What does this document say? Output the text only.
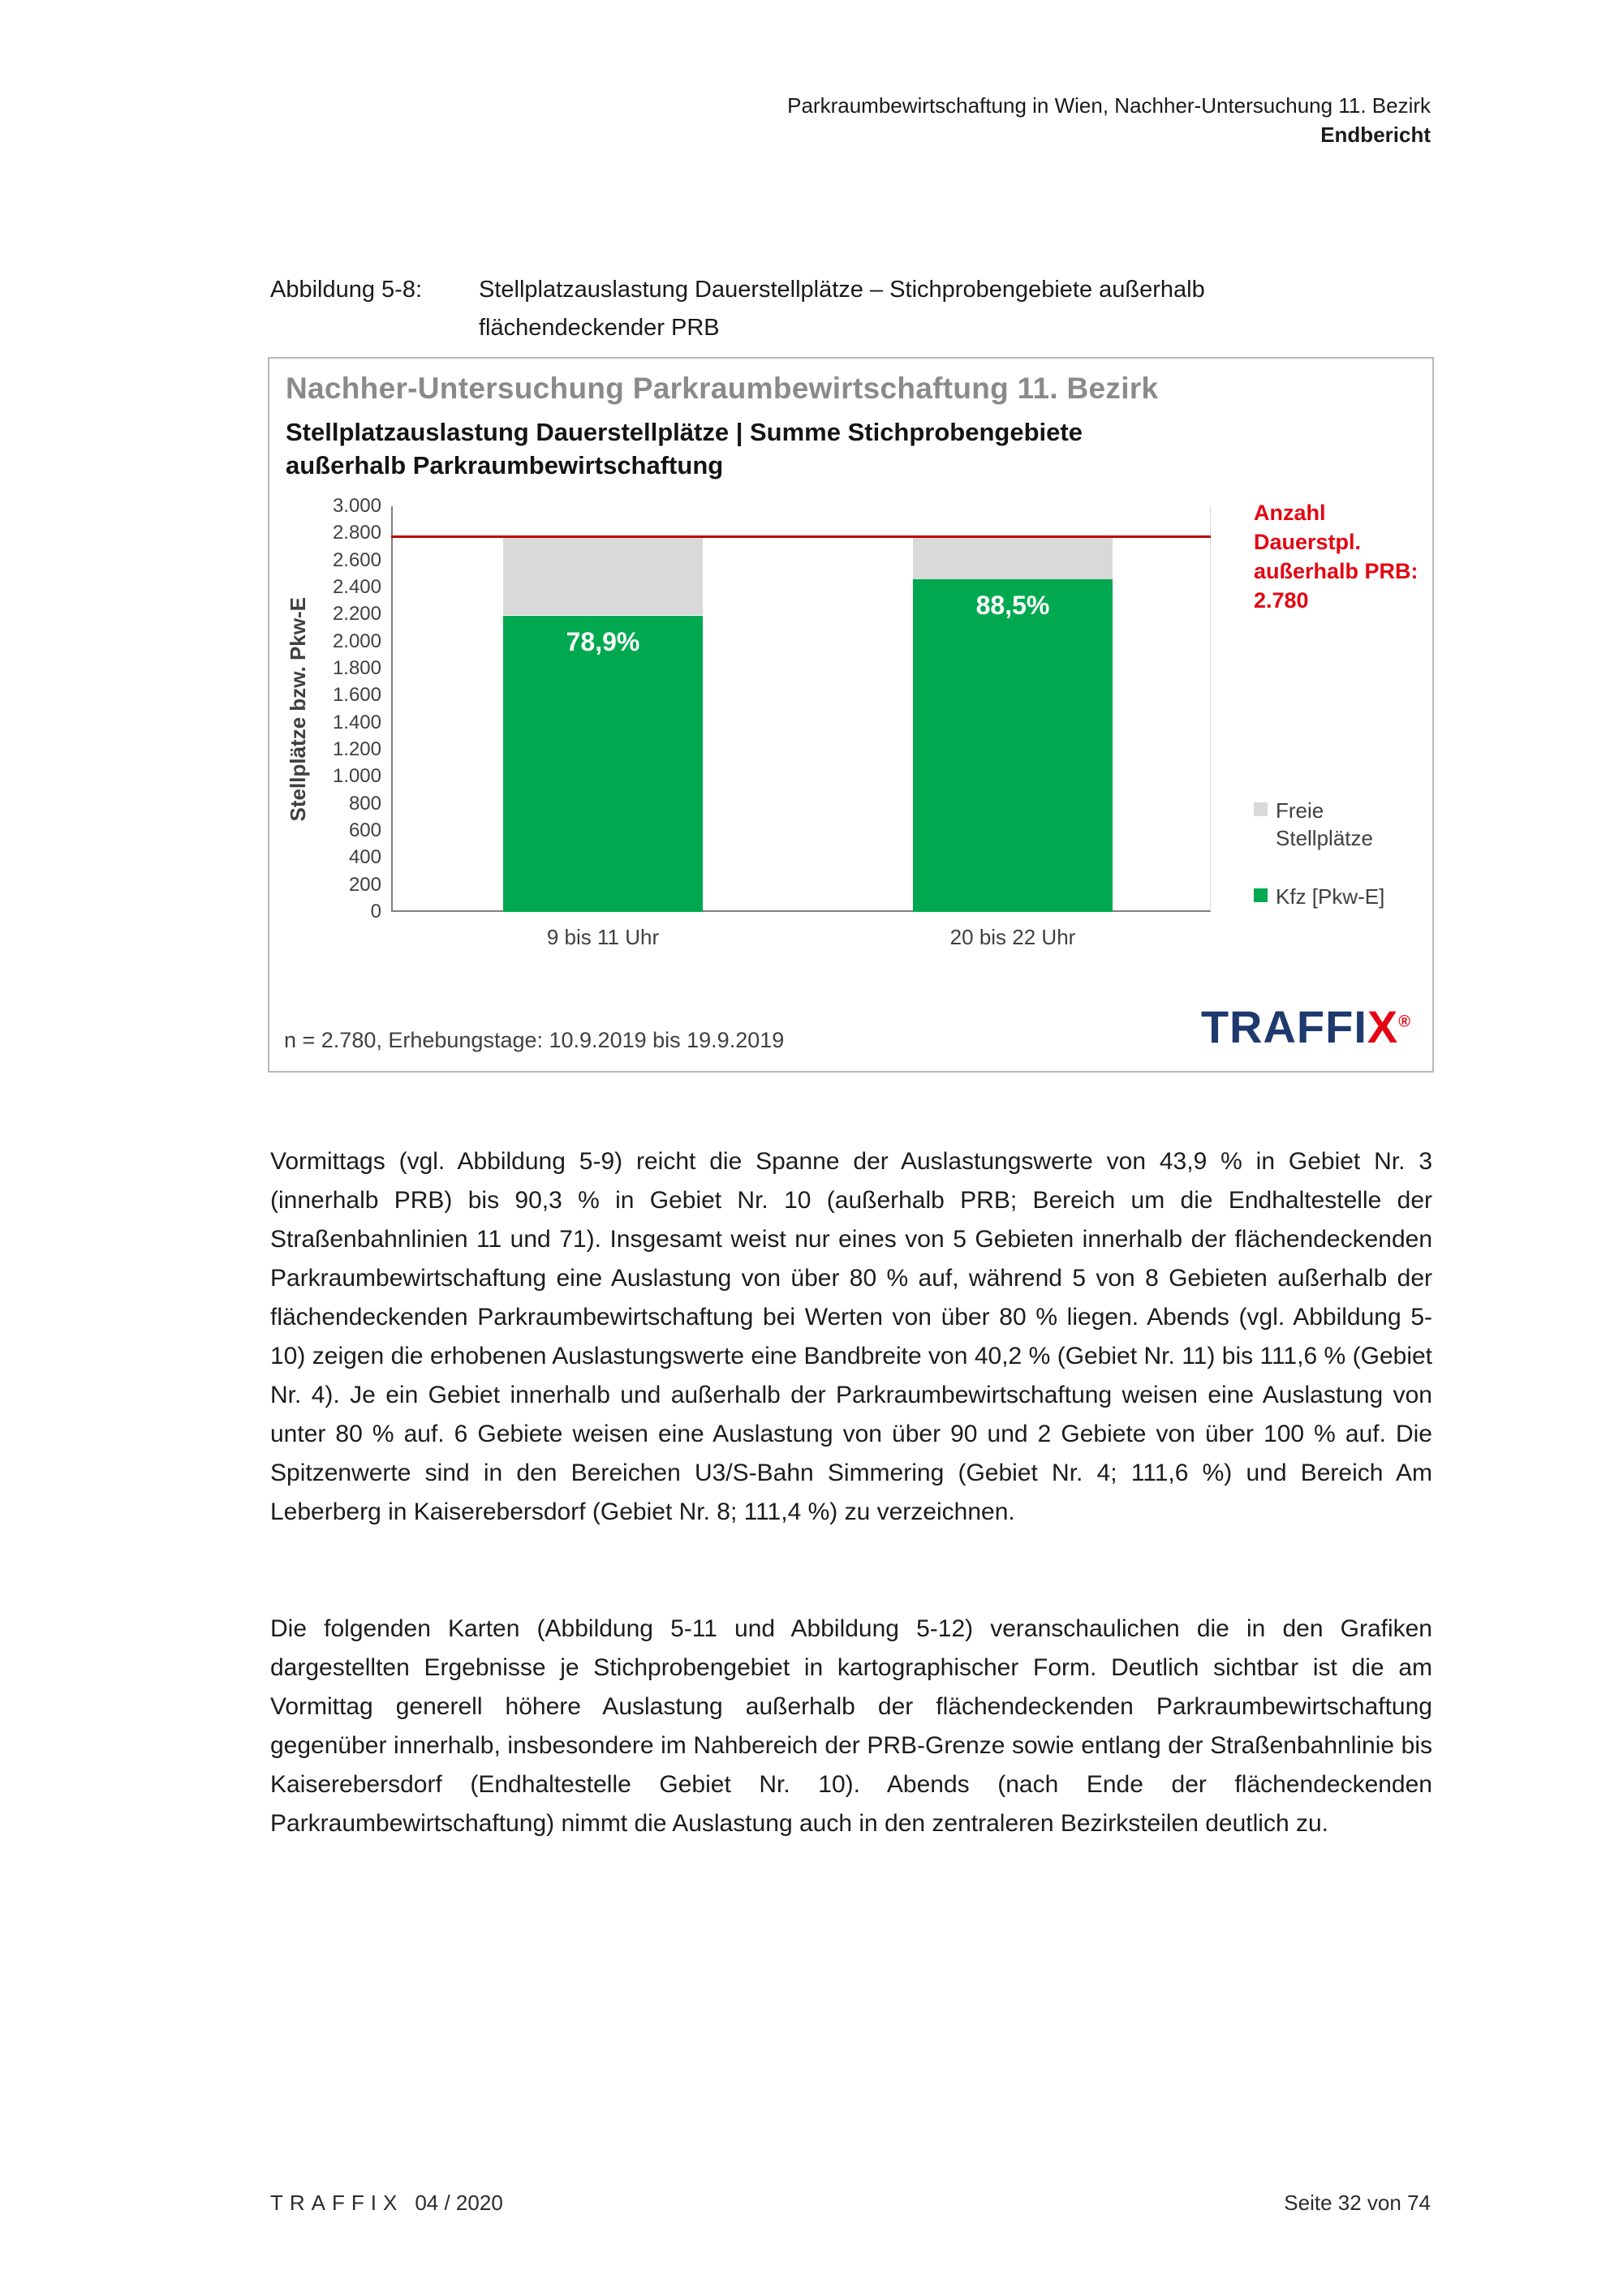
Parkraumbewirtschaftung in Wien, Nachher-Untersuchung 11. Bezirk
Endbericht
Abbildung 5-8: Stellplatzauslastung Dauerstellplätze – Stichprobengebiete außerhalb
flächendeckender PRB
Nachher-Untersuchung Parkraumbewirtschaftung 11. Bezirk
Stellplatzauslastung Dauerstellplätze | Summe Stichprobengebiete
außerhalb Parkraumbewirtschaftung
Stellplätze bzw. Pkw-E
3.000
2.800
2.600
2.400
2.200
2.000
1.800
1.600
1.400
1.200
1.000
800
600
400
200
0
78,9%
9 bis 11 Uhr
88,5%
20 bis 22 Uhr
Anzahl Dauerstpl.
außerhalb PRB:
2.780
Freie Stellplätze
Kfz [Pkw-E]
n = 2.780, Erhebungstage: 10.9.2019 bis 19.9.2019	TRAFFIX®

Vormittags (vgl. Abbildung 5-9) reicht die Spanne der Auslastungswerte von 43,9 % in Gebiet Nr. 3 (innerhalb PRB) bis 90,3 % in Gebiet Nr. 10 (außerhalb PRB; Bereich um die Endhaltestelle der Straßenbahnlinien 11 und 71). Insgesamt weist nur eines von 5 Gebieten innerhalb der flächendeckenden Parkraumbewirtschaftung eine Auslastung von über 80 % auf, während 5 von 8 Gebieten außerhalb der flächendeckenden Parkraumbewirtschaftung bei Werten von über 80 % liegen. Abends (vgl. Abbildung 5-10) zeigen die erhobenen Auslastungswerte eine Bandbreite von 40,2 % (Gebiet Nr. 11) bis 111,6 % (Gebiet Nr. 4). Je ein Gebiet innerhalb und außerhalb der Parkraumbewirtschaftung weisen eine Auslastung von unter 80 % auf. 6 Gebiete weisen eine Auslastung von über 90 und 2 Gebiete von über 100 % auf. Die Spitzenwerte sind in den Bereichen U3/S-Bahn Simmering (Gebiet Nr. 4; 111,6 %) und Bereich Am Leberberg in Kaiserebersdorf (Gebiet Nr. 8; 111,4 %) zu verzeichnen.

Die folgenden Karten (Abbildung 5-11 und Abbildung 5-12) veranschaulichen die in den Grafiken dargestellten Ergebnisse je Stichprobengebiet in kartographischer Form. Deutlich sichtbar ist die am Vormittag generell höhere Auslastung außerhalb der flächendeckenden Parkraumbewirtschaftung gegenüber innerhalb, insbesondere im Nahbereich der PRB-Grenze sowie entlang der Straßenbahnlinie bis Kaiserebersdorf (Endhaltestelle Gebiet Nr. 10). Abends (nach Ende der flächendeckenden Parkraumbewirtschaftung) nimmt die Auslastung auch in den zentraleren Bezirksteilen deutlich zu.

TRAFFIX 04 / 2020	Seite 32 von 74
